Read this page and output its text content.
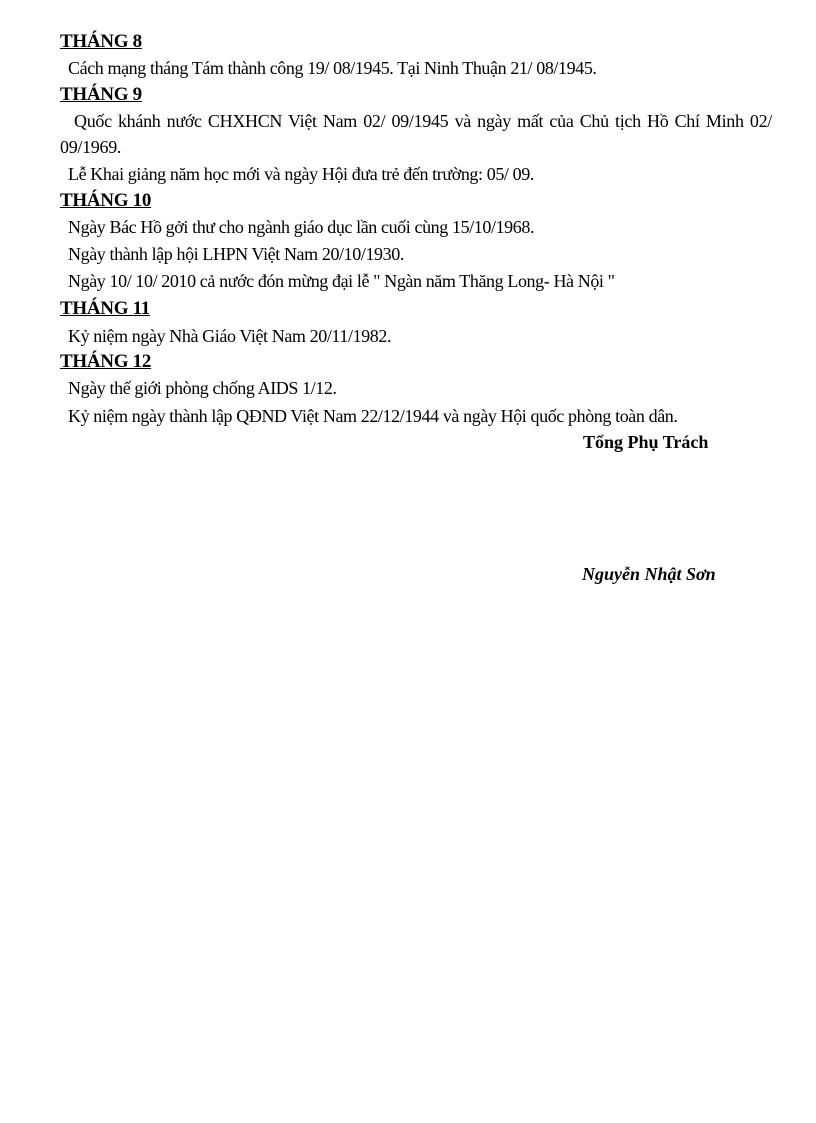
THÁNG 8
Cách mạng tháng Tám thành công 19/ 08/1945. Tại Ninh Thuận 21/ 08/1945.
THÁNG 9
Quốc khánh nước CHXHCN Việt Nam 02/ 09/1945 và ngày mất của Chủ tịch Hồ Chí Minh 02/ 09/1969.
Lễ Khai giảng năm học mới và ngày Hội đưa trẻ đến trường: 05/ 09.
THÁNG 10
Ngày Bác Hồ gởi thư cho ngành giáo dục lần cuối cùng 15/10/1968.
Ngày thành lập hội LHPN Việt Nam 20/10/1930.
Ngày 10/ 10/ 2010 cả nước đón mừng đại lễ " Ngàn năm Thăng Long- Hà Nội "
THÁNG 11
Kỷ niệm ngày Nhà Giáo Việt Nam 20/11/1982.
THÁNG 12
Ngày thế giới phòng chống AIDS 1/12.
Kỷ niệm ngày thành lập QĐND Việt Nam 22/12/1944 và ngày Hội quốc phòng toàn dân.
Tổng Phụ Trách
Nguyễn Nhật Sơn
